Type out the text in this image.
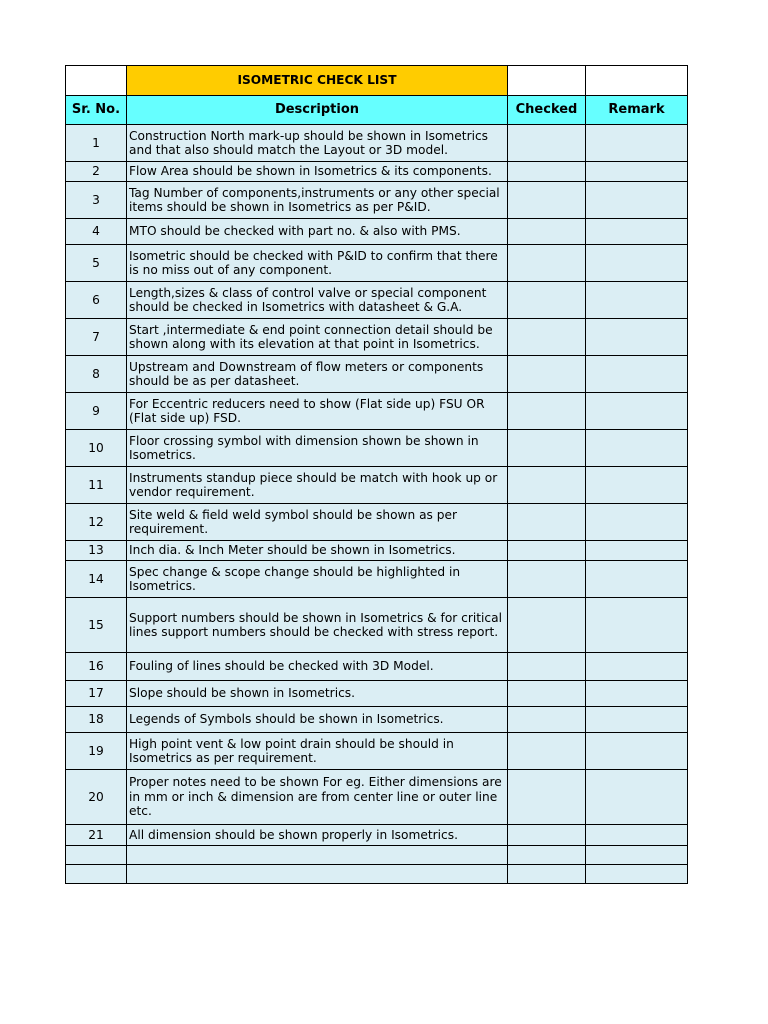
	ISOMETRIC CHECK LIST		
Sr. No.	Description	Checked	Remark
1	Construction North mark-up should be shown in Isometrics and that also should match the Layout or 3D model.		
2	Flow Area should be shown in Isometrics & its components.		
3	Tag Number of components,instruments or any other special items should be shown in Isometrics as per P&ID.		
4	MTO should be checked with part no. & also with PMS.		
5	Isometric should be checked with P&ID to confirm that there is no miss out of any component.		
6	Length,sizes & class of control valve or special component should be checked in Isometrics with datasheet & G.A.		
7	Start ,intermediate & end point connection detail should be shown along with its elevation at that point in Isometrics.		
8	Upstream and Downstream of flow meters or components should be as per datasheet.		
9	For Eccentric reducers need to show (Flat side up) FSU OR (Flat side up) FSD.		
10	Floor crossing symbol with dimension shown be shown in Isometrics.		
11	Instruments standup piece should be match with hook up or vendor requirement.		
12	Site weld & field weld symbol should be shown as per requirement.		
13	Inch dia. & Inch Meter should be shown in Isometrics.		
14	Spec change & scope change should be highlighted in Isometrics.		
15	Support numbers should be shown in Isometrics & for critical lines support numbers should be checked with stress report.		
16	Fouling of lines should be checked with 3D Model.		
17	Slope should be shown in Isometrics.		
18	Legends of Symbols should be shown in Isometrics.		
19	High point vent & low point drain should be should in Isometrics as per requirement.		
20	Proper notes need to be shown For eg. Either dimensions are in mm or inch & dimension are from center line or outer line etc.		
21	All dimension should be shown properly in Isometrics.		
